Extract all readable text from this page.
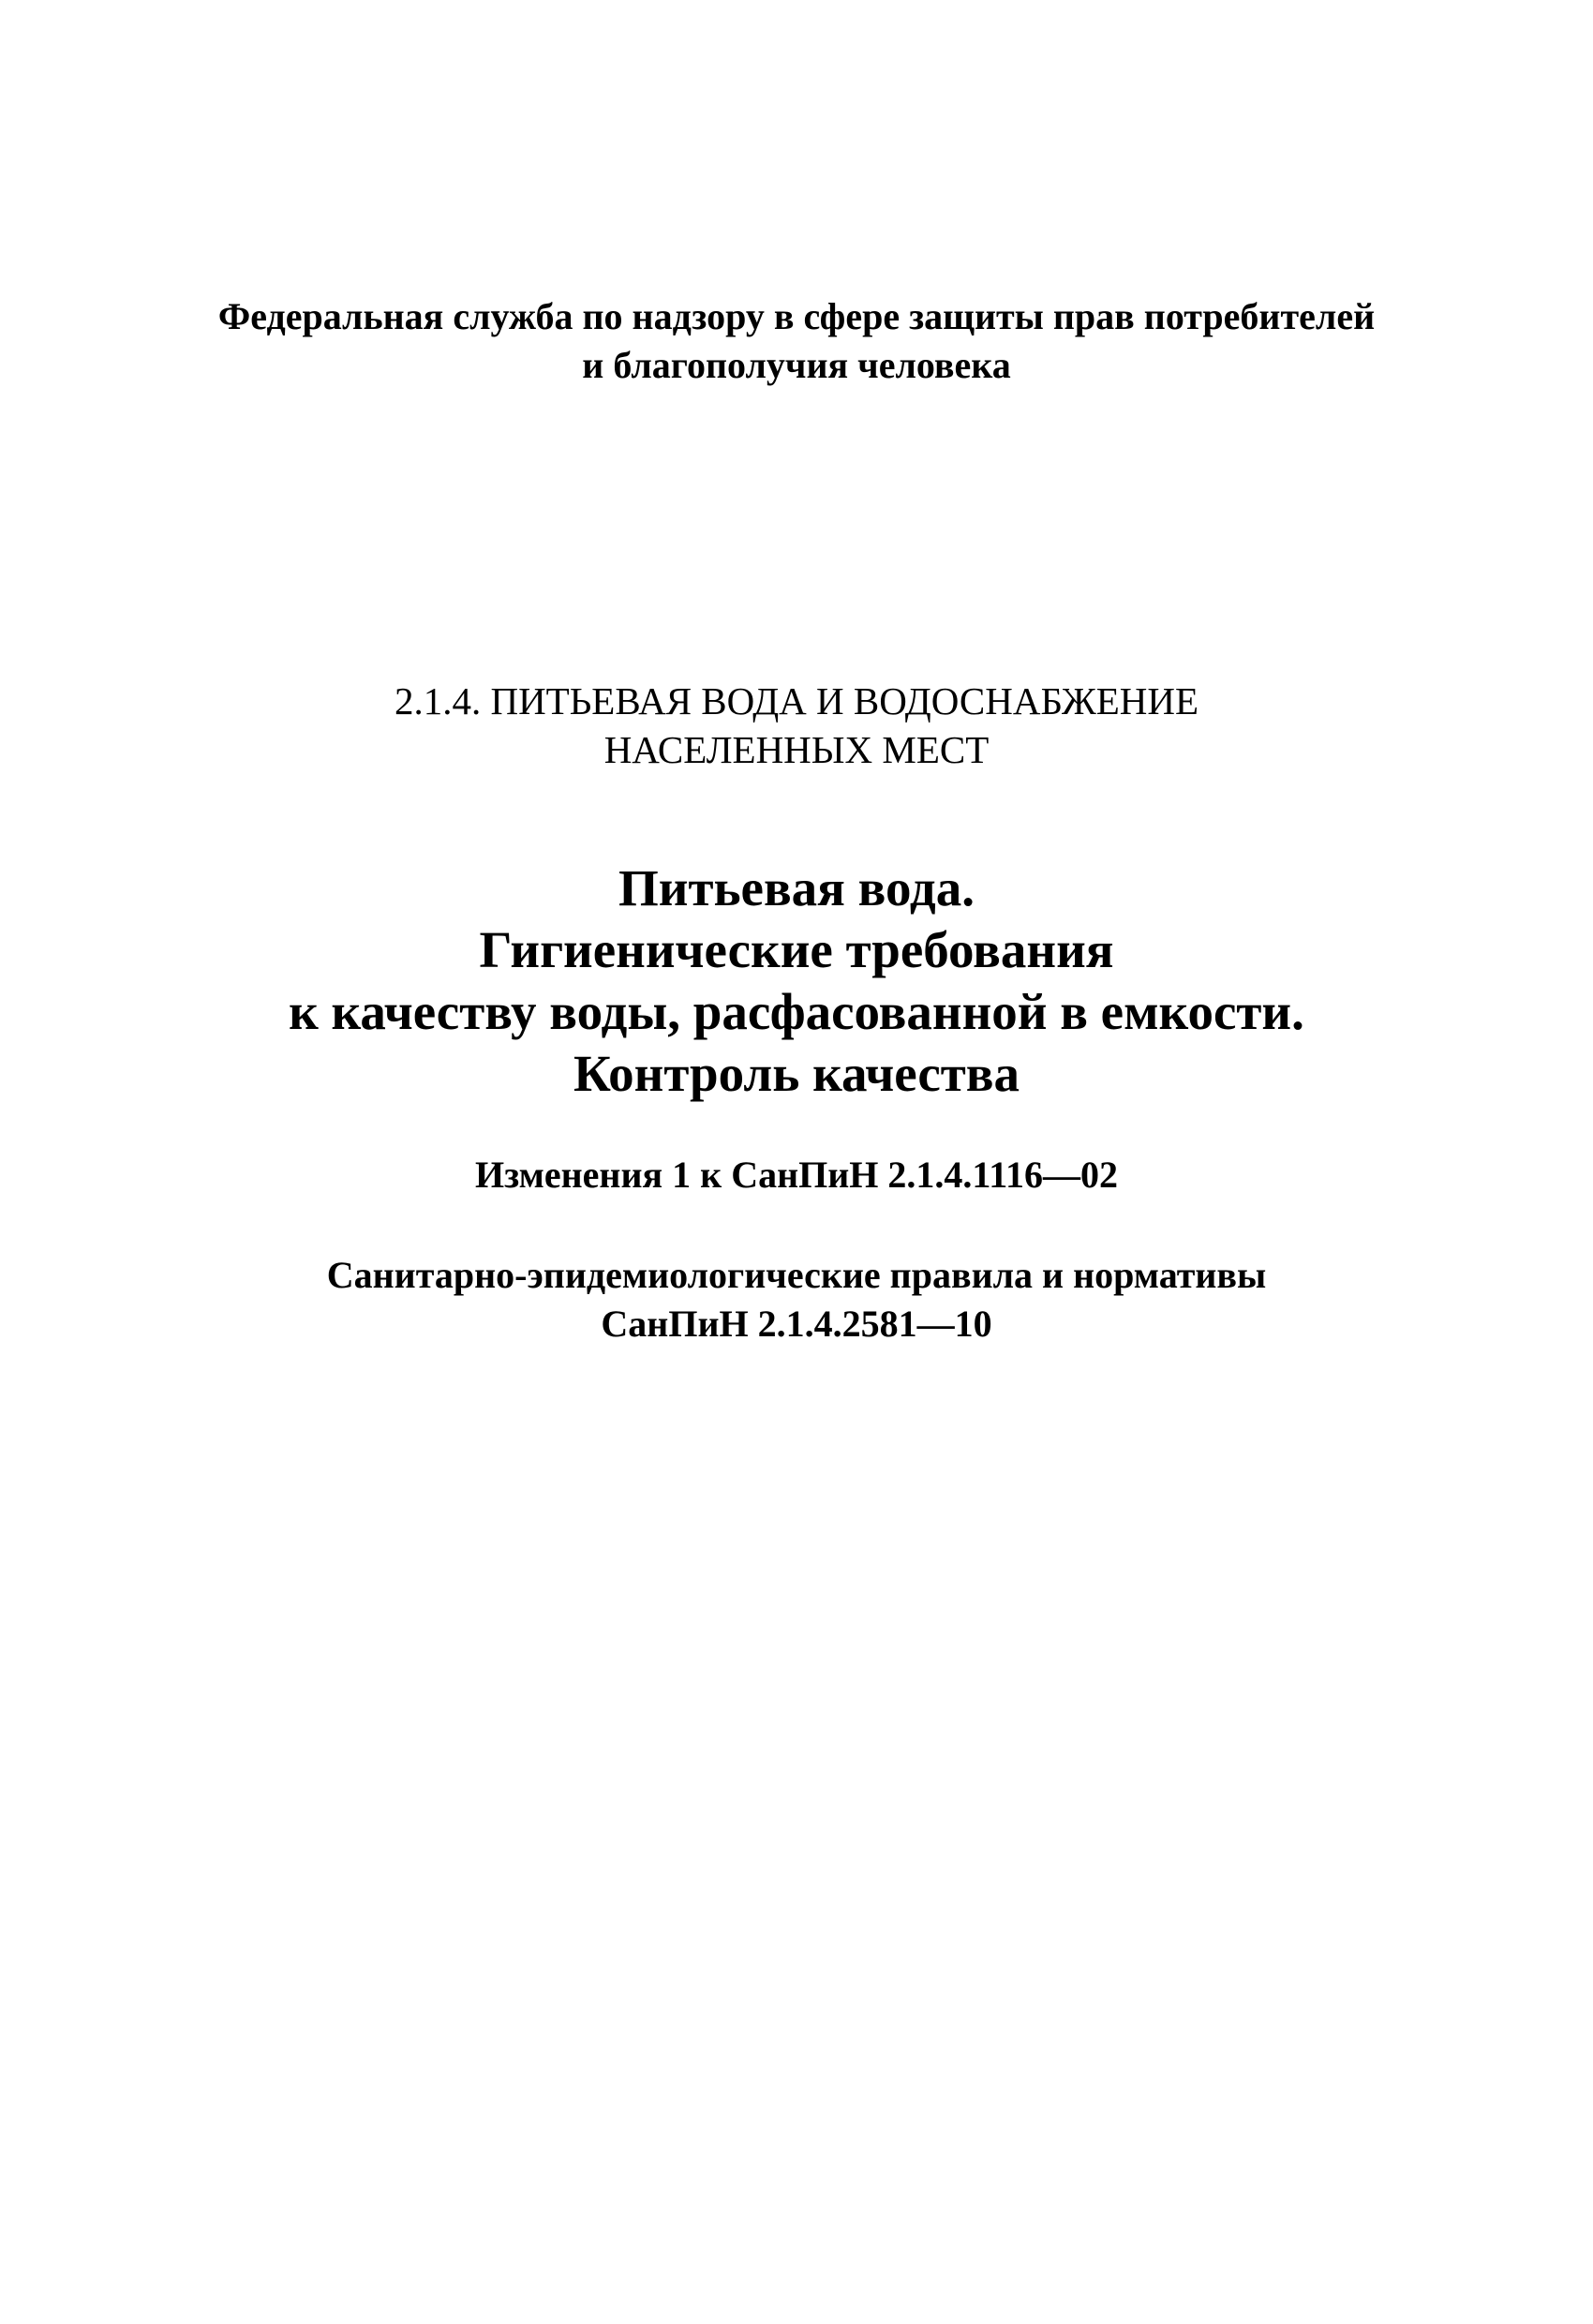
Федеральная служба по надзору в сфере защиты прав потребителей
и благополучия человека
2.1.4. ПИТЬЕВАЯ ВОДА И ВОДОСНАБЖЕНИЕ
НАСЕЛЕННЫХ МЕСТ
Питьевая вода.
Гигиенические требования
к качеству воды, расфасованной в емкости.
Контроль качества
Изменения 1 к СанПиН 2.1.4.1116—02
Санитарно-эпидемиологические правила и нормативы
СанПиН 2.1.4.2581—10
